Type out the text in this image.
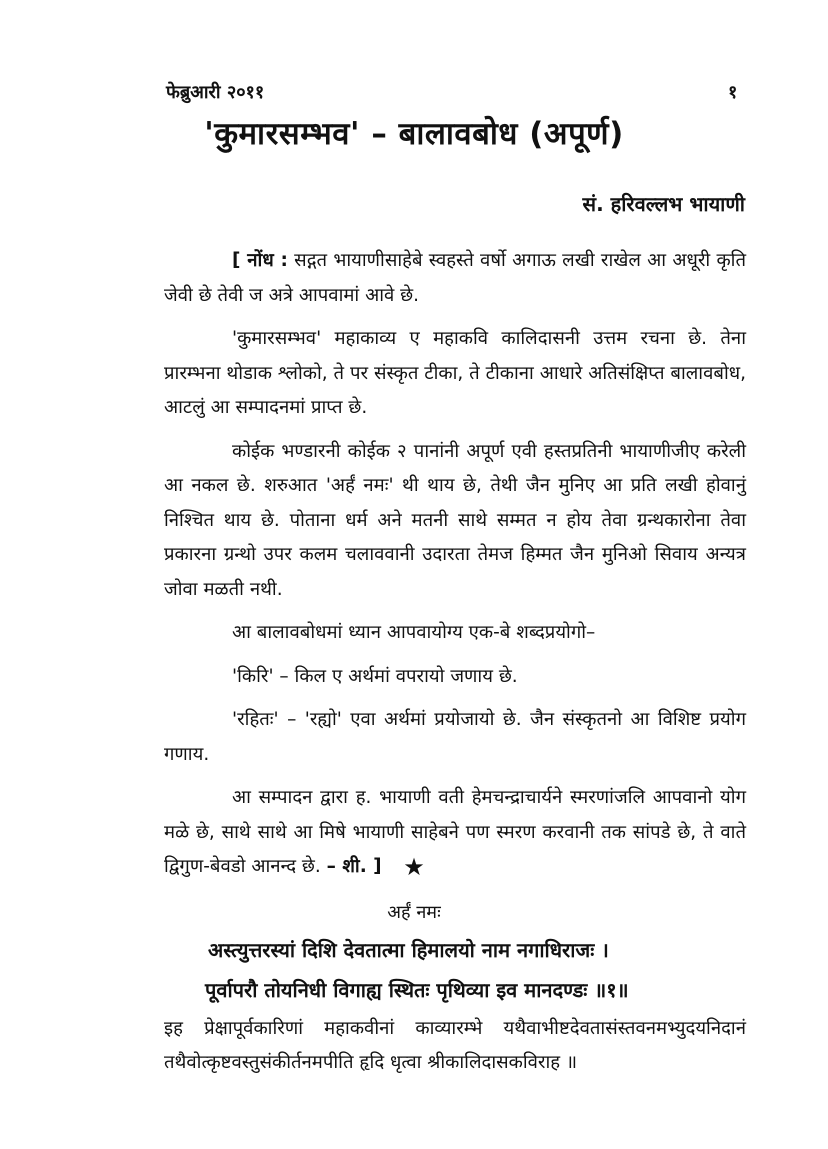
फेब्रुआरी २०११	१
'कुमारसम्भव' – बालावबोध (अपूर्ण)
सं. हरिवल्लभ भायाणी

[ नोंध : सद्गत भायाणीसाहेबे स्वहस्ते वर्षो अगाऊ लखी राखेल आ अधूरी कृति जेवी छे तेवी ज अत्रे आपवामां आवे छे.

'कुमारसम्भव' महाकाव्य ए महाकवि कालिदासनी उत्तम रचना छे. तेना प्रारम्भना थोडाक श्लोको, ते पर संस्कृत टीका, ते टीकाना आधारे अतिसंक्षिप्त बालावबोध, आटलुं आ सम्पादनमां प्राप्त छे.

कोईक भण्डारनी कोईक २ पानांनी अपूर्ण एवी हस्तप्रतिनी भायाणीजीए करेली आ नकल छे. शरुआत 'अर्हं नमः' थी थाय छे, तेथी जैन मुनिए आ प्रति लखी होवानुं निश्चित थाय छे. पोताना धर्म अने मतनी साथे सम्मत न होय तेवा ग्रन्थकारोना तेवा प्रकारना ग्रन्थो उपर कलम चलाववानी उदारता तेमज हिम्मत जैन मुनिओ सिवाय अन्यत्र जोवा मळती नथी.

आ बालावबोधमां ध्यान आपवायोग्य एक-बे शब्दप्रयोगो–

'किरि' – किल ए अर्थमां वपरायो जणाय छे.

'रहितः' – 'रह्यो' एवा अर्थमां प्रयोजायो छे. जैन संस्कृतनो आ विशिष्ट प्रयोग गणाय.

आ सम्पादन द्वारा ह. भायाणी वती हेमचन्द्राचार्यने स्मरणांजलि आपवानो योग मळे छे, साथे साथे आ मिषे भायाणी साहेबने पण स्मरण करवानी तक सांपडे छे, ते वाते द्विगुण-बेवडो आनन्द छे. – शी. ] ★
अर्हं नमः
अस्त्युत्तरस्यां दिशि देवतात्मा हिमालयो नाम नगाधिराजः ।
पूर्वापरौ तोयनिधी विगाह्य स्थितः पृथिव्या इव मानदण्डः ॥१॥
इह प्रेक्षापूर्वकारिणां महाकवीनां काव्यारम्भे यथैवाभीष्टदेवतासंस्तवनमभ्युदयनिदानं तथैवोत्कृष्टवस्तुसंकीर्तनमपीति हृदि धृत्वा श्रीकालिदासकविराह ॥
